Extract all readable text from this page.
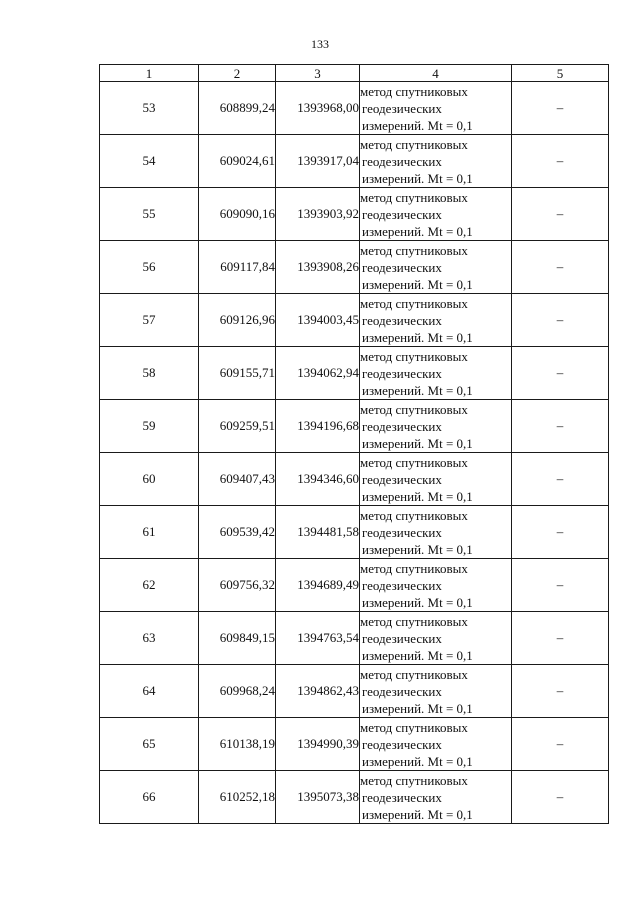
133
1	2	3	4	5
53	608899,24	1393968,00	метод спутниковых
геодезических
измерений. Mt = 0,1	–
54	609024,61	1393917,04	метод спутниковых
геодезических
измерений. Mt = 0,1	–
55	609090,16	1393903,92	метод спутниковых
геодезических
измерений. Mt = 0,1	–
56	609117,84	1393908,26	метод спутниковых
геодезических
измерений. Mt = 0,1	–
57	609126,96	1394003,45	метод спутниковых
геодезических
измерений. Mt = 0,1	–
58	609155,71	1394062,94	метод спутниковых
геодезических
измерений. Mt = 0,1	–
59	609259,51	1394196,68	метод спутниковых
геодезических
измерений. Mt = 0,1	–
60	609407,43	1394346,60	метод спутниковых
геодезических
измерений. Mt = 0,1	–
61	609539,42	1394481,58	метод спутниковых
геодезических
измерений. Mt = 0,1	–
62	609756,32	1394689,49	метод спутниковых
геодезических
измерений. Mt = 0,1	–
63	609849,15	1394763,54	метод спутниковых
геодезических
измерений. Mt = 0,1	–
64	609968,24	1394862,43	метод спутниковых
геодезических
измерений. Mt = 0,1	–
65	610138,19	1394990,39	метод спутниковых
геодезических
измерений. Mt = 0,1	–
66	610252,18	1395073,38	метод спутниковых
геодезических
измерений. Mt = 0,1	–
